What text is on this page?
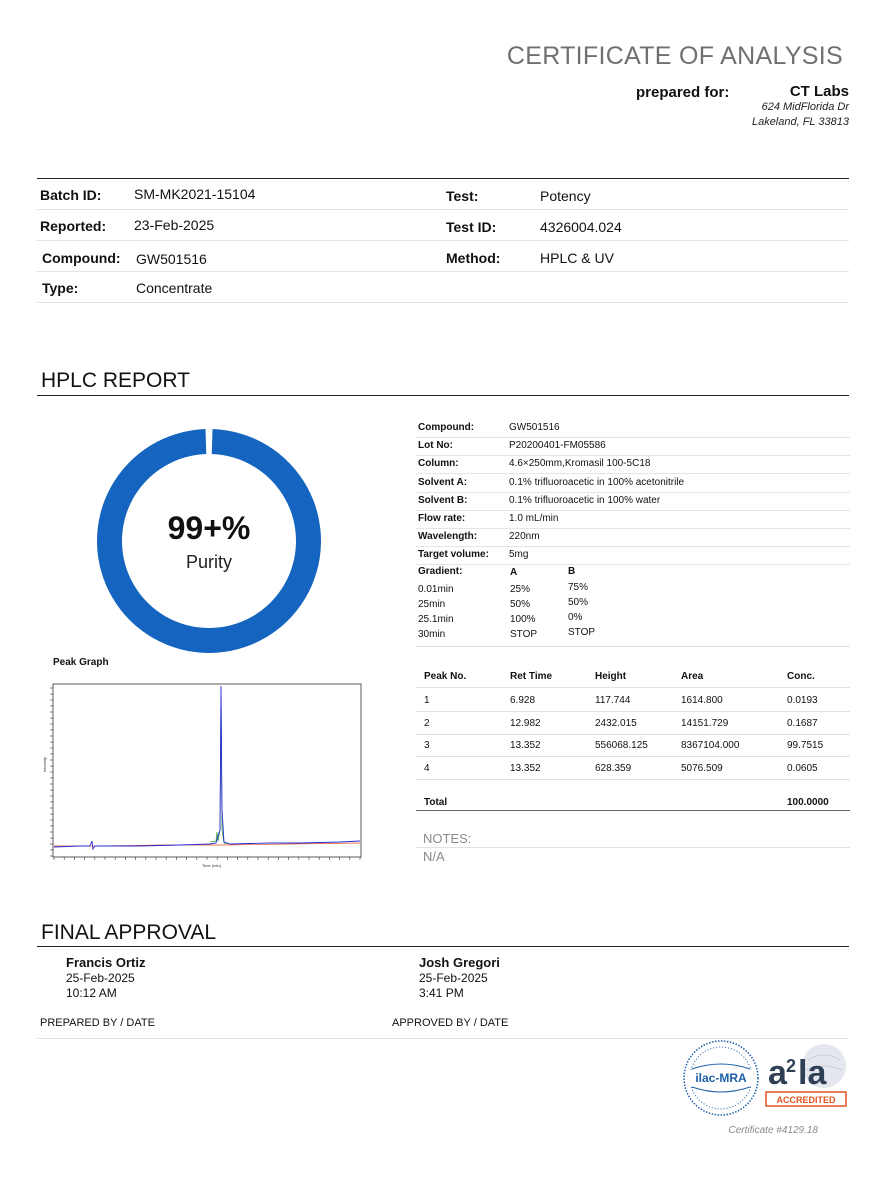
CERTIFICATE OF ANALYSIS
prepared for:	CT Labs
624 MidFlorida Dr
Lakeland, FL 33813
Batch ID: SM-MK2021-15104	Test:	Potency
Reported: 23-Feb-2025	Test ID:	4326004.024
Compound: GW501516	Method:	HPLC & UV
Type:	Concentrate
HPLC REPORT
99+%
Purity
Compound:	GW501516
Lot No:	P20200401-FM05586
Column:	4.6×250mm,Kromasil 100-5C18
Solvent A:	0.1% trifluoroacetic in 100% acetonitrile
Solvent B:	0.1% trifluoroacetic in 100% water
Flow rate:	1.0 mL/min
Wavelength:	220nm
Target volume: 5mg
Gradient:	A	B
0.01min	25%	75%
25min	50%	50%
25.1min	100%	0%
30min	STOP	STOP
Peak Graph
Intensity
Time (min)
Peak No.	Ret Time	Height	Area	Conc.
1	6.928	117.744	1614.800	0.0193
2	12.982	2432.015	14151.729	0.1687
3	13.352	556068.125	8367104.000	99.7515
4	13.352	628.359	5076.509	0.0605
Total	100.0000
NOTES:
N/A
FINAL APPROVAL
Francis Ortiz
25-Feb-2025
10:12 AM
Josh Gregori
25-Feb-2025
3:41 PM
PREPARED BY / DATE	APPROVED BY / DATE
ilac-MRA a 2 la
ACCREDITED
Certificate #4129.18
